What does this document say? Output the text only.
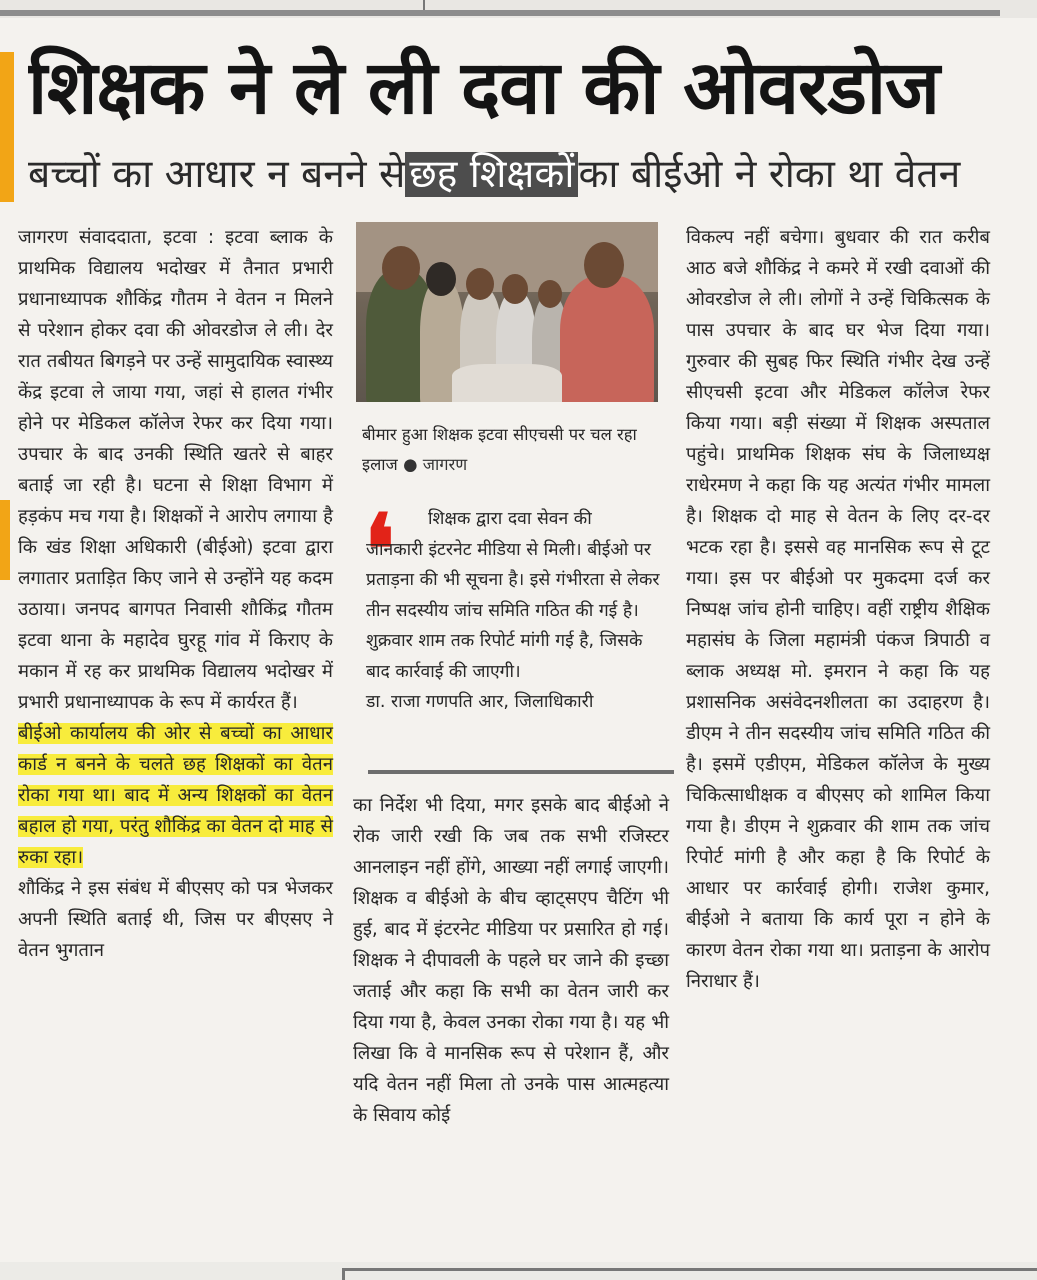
शिक्षक ने ले ली दवा की ओवरडोज
बच्चों का आधार न बनने से छह शिक्षकों का बीईओ ने रोका था वेतन

जागरण संवाददाता, इटवा : इटवा ब्लाक के प्राथमिक विद्यालय भदोखर में तैनात प्रभारी प्रधानाध्यापक शौकिंद्र गौतम ने वेतन न मिलने से परेशान होकर दवा की ओवरडोज ले ली। देर रात तबीयत बिगड़ने पर उन्हें सामुदायिक स्वास्थ्य केंद्र इटवा ले जाया गया, जहां से हालत गंभीर होने पर मेडिकल कॉलेज रेफर कर दिया गया। उपचार के बाद उनकी स्थिति खतरे से बाहर बताई जा रही है। घटना से शिक्षा विभाग में हड़कंप मच गया है। शिक्षकों ने आरोप लगाया है कि खंड शिक्षा अधिकारी (बीईओ) इटवा द्वारा लगातार प्रताड़ित किए जाने से उन्होंने यह कदम उठाया। जनपद बागपत निवासी शौकिंद्र गौतम इटवा थाना के महादेव घुरहू गांव में किराए के मकान में रह कर प्राथमिक विद्यालय भदोखर में प्रभारी प्रधानाध्यापक के रूप में कार्यरत हैं।

बीईओ कार्यालय की ओर से बच्चों का आधार कार्ड न बनने के चलते छह शिक्षकों का वेतन रोका गया था। बाद में अन्य शिक्षकों का वेतन बहाल हो गया, परंतु शौकिंद्र का वेतन दो माह से रुका रहा।

शौकिंद्र ने इस संबंध में बीएसए को पत्र भेजकर अपनी स्थिति बताई थी, जिस पर बीएसए ने वेतन भुगतान

बीमार हुआ शिक्षक इटवा सीएचसी पर चल रहा इलाज ● जागरण
❛	शिक्षक द्वारा दवा सेवन की
जानकारी इंटरनेट मीडिया से मिली। बीईओ पर प्रताड़ना की भी सूचना है। इसे गंभीरता से लेकर तीन सदस्यीय जांच समिति गठित की गई है। शुक्रवार शाम तक रिपोर्ट मांगी गई है, जिसके बाद कार्रवाई की जाएगी।
डा. राजा गणपति आर, जिलाधिकारी

का निर्देश भी दिया, मगर इसके बाद बीईओ ने रोक जारी रखी कि जब तक सभी रजिस्टर आनलाइन नहीं होंगे, आख्या नहीं लगाई जाएगी। शिक्षक व बीईओ के बीच व्हाट्सएप चैटिंग भी हुई, बाद में इंटरनेट मीडिया पर प्रसारित हो गई। शिक्षक ने दीपावली के पहले घर जाने की इच्छा जताई और कहा कि सभी का वेतन जारी कर दिया गया है, केवल उनका रोका गया है। यह भी लिखा कि वे मानसिक रूप से परेशान हैं, और यदि वेतन नहीं मिला तो उनके पास आत्महत्या के सिवाय कोई

विकल्प नहीं बचेगा। बुधवार की रात करीब आठ बजे शौकिंद्र ने कमरे में रखी दवाओं की ओवरडोज ले ली। लोगों ने उन्हें चिकित्सक के पास उपचार के बाद घर भेज दिया गया। गुरुवार की सुबह फिर स्थिति गंभीर देख उन्हें सीएचसी इटवा और मेडिकल कॉलेज रेफर किया गया। बड़ी संख्या में शिक्षक अस्पताल पहुंचे। प्राथमिक शिक्षक संघ के जिलाध्यक्ष राधेरमण ने कहा कि यह अत्यंत गंभीर मामला है। शिक्षक दो माह से वेतन के लिए दर-दर भटक रहा है। इससे वह मानसिक रूप से टूट गया। इस पर बीईओ पर मुकदमा दर्ज कर निष्पक्ष जांच होनी चाहिए। वहीं राष्ट्रीय शैक्षिक महासंघ के जिला महामंत्री पंकज त्रिपाठी व ब्लाक अध्यक्ष मो. इमरान ने कहा कि यह प्रशासनिक असंवेदनशीलता का उदाहरण है। डीएम ने तीन सदस्यीय जांच समिति गठित की है। इसमें एडीएम, मेडिकल कॉलेज के मुख्य चिकित्साधीक्षक व बीएसए को शामिल किया गया है। डीएम ने शुक्रवार की शाम तक जांच रिपोर्ट मांगी है और कहा है कि रिपोर्ट के आधार पर कार्रवाई होगी। राजेश कुमार, बीईओ ने बताया कि कार्य पूरा न होने के कारण वेतन रोका गया था। प्रताड़ना के आरोप निराधार हैं।
